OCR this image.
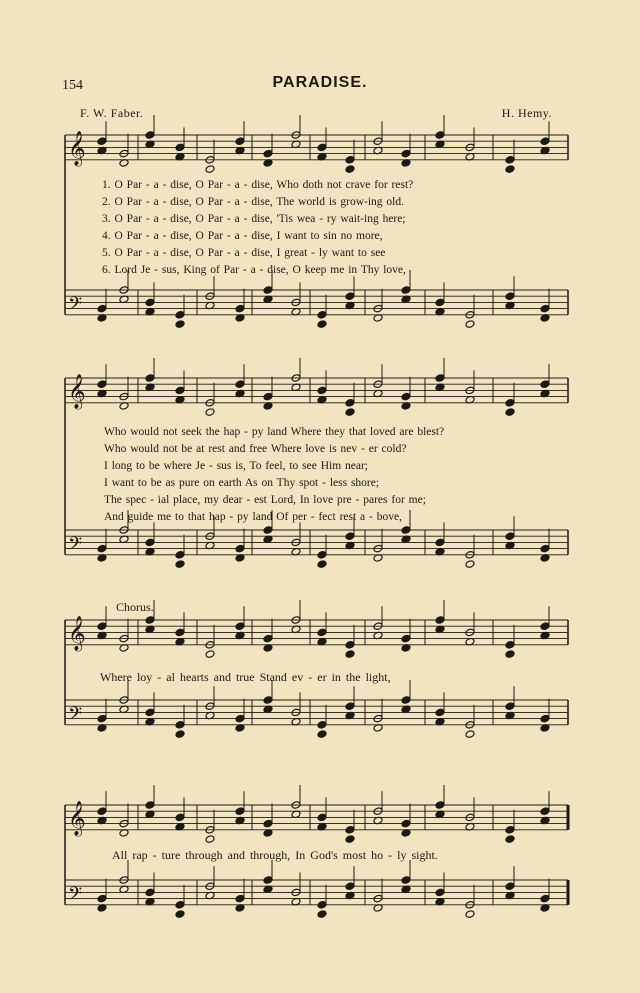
154	PARADISE.
F. W. Faber.	H. Hemy.
𝄞
𝄢
𝄞
𝄢
𝄞
𝄢
𝄞
𝄢
1. O Par - a - dise, O Par - a - dise, Who doth not crave for rest?
2. O Par - a - dise, O Par - a - dise, The world is grow-ing old.
3. O Par - a - dise, O Par - a - dise, 'Tis wea - ry wait-ing here;
4. O Par - a - dise, O Par - a - dise, I want to sin no more,
5. O Par - a - dise, O Par - a - dise, I great - ly want to see
6. Lord Je - sus, King of Par - a - dise, O keep me in Thy love,
Who would not seek the hap - py land Where they that loved are blest?
Who would not be at rest and free Where love is nev - er cold?
I long to be where Je - sus is, To feel, to see Him near;
I want to be as pure on earth As on Thy spot - less shore;
The spec - ial place, my dear - est Lord, In love pre - pares for me;
And guide me to that hap - py land Of per - fect rest a - bove,
Chorus.
Where loy - al hearts and true Stand ev - er in the light,
All rap - ture through and through, In God's most ho - ly sight.
